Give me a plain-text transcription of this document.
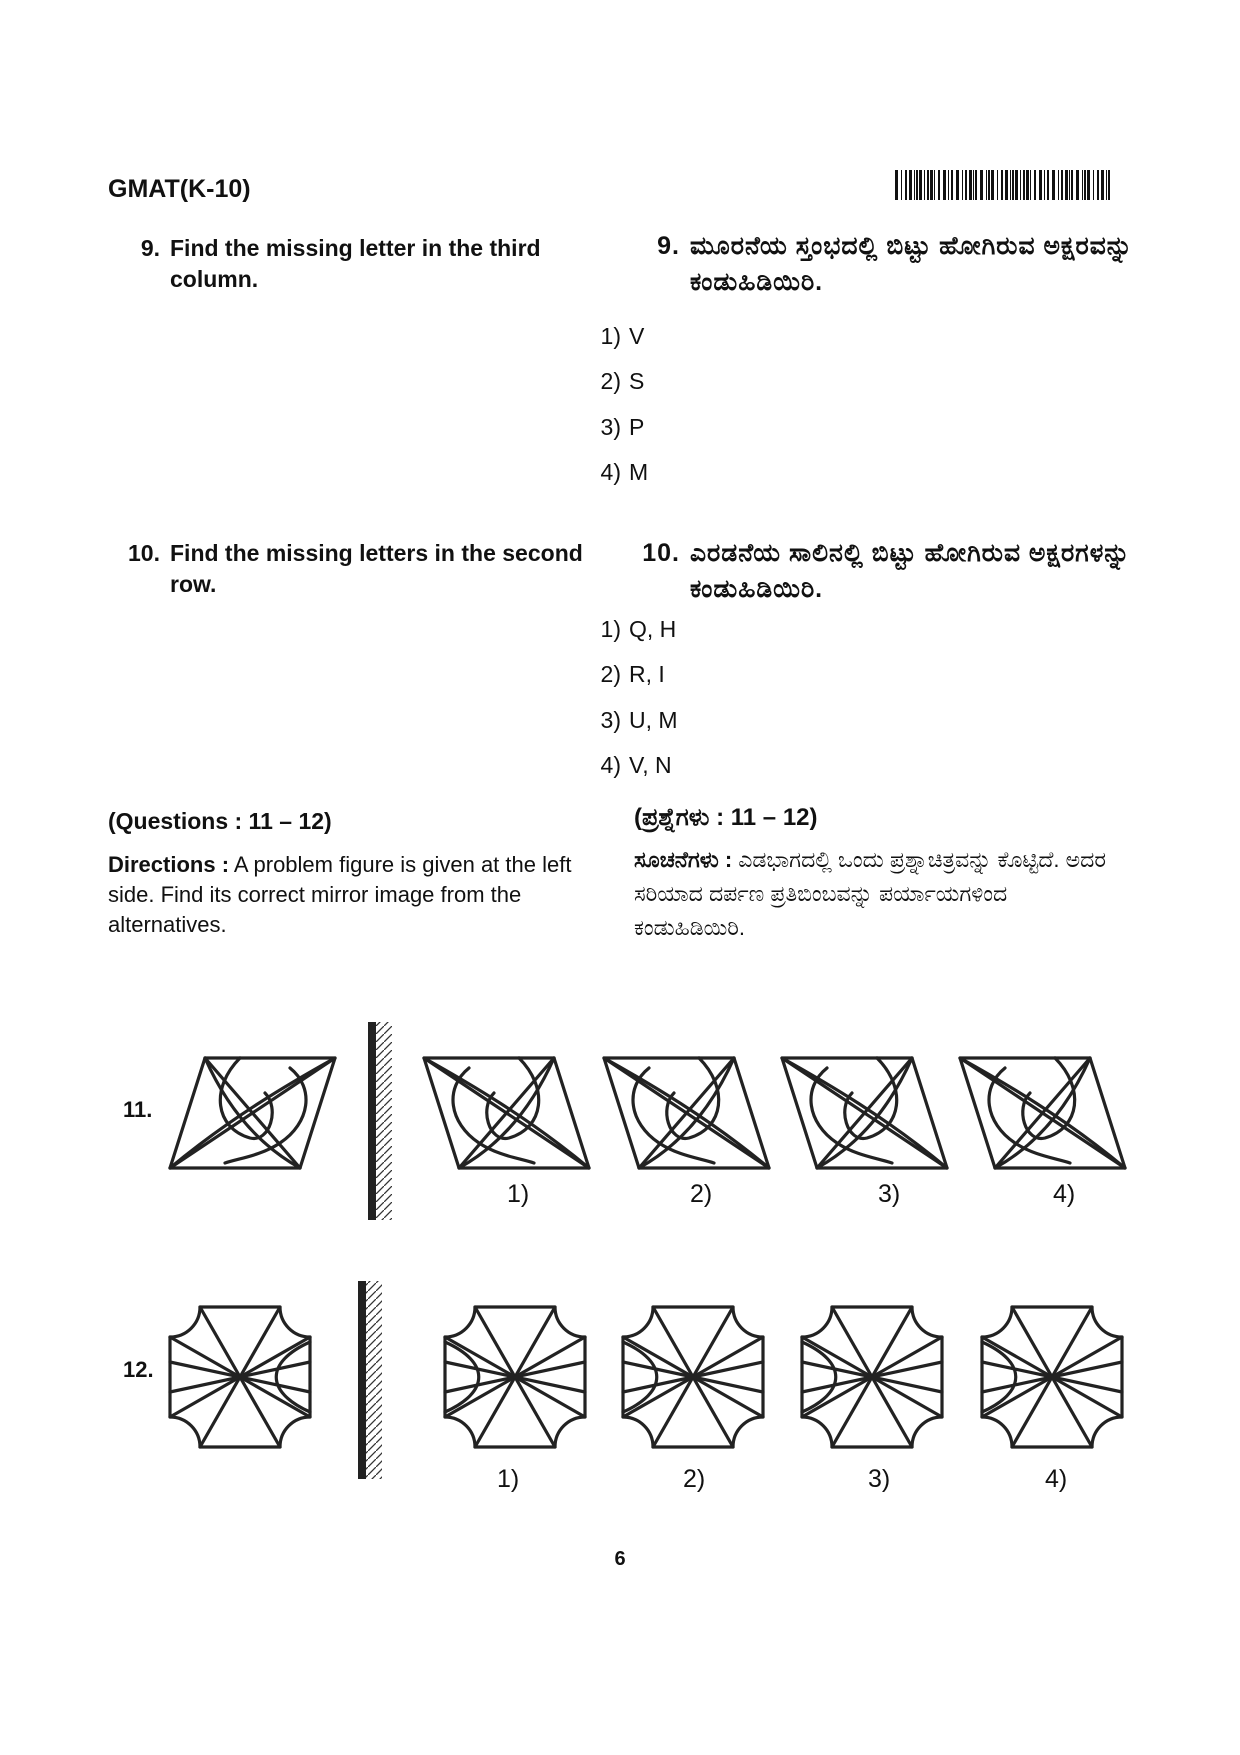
GMAT(K-10)
9. Find the missing letter in the third column.
9. ಮೂರನೆಯ ಸ್ತಂಭದಲ್ಲಿ ಬಿಟ್ಟು ಹೋಗಿರುವ ಅಕ್ಷರವನ್ನು ಕಂಡುಹಿಡಿಯಿರಿ.
1) V
2) S
3) P
4) M
10. Find the missing letters in the second row.
10. ಎರಡನೆಯ ಸಾಲಿನಲ್ಲಿ ಬಿಟ್ಟು ಹೋಗಿರುವ ಅಕ್ಷರಗಳನ್ನು ಕಂಡುಹಿಡಿಯಿರಿ.
1) Q, H
2) R, I
3) U, M
4) V, N
(Questions : 11 – 12)	(ಪ್ರಶ್ನೆಗಳು : 11 – 12)
Directions : A problem figure is given at the left side. Find its correct mirror image from the alternatives.
ಸೂಚನೆಗಳು : ಎಡಭಾಗದಲ್ಲಿ ಒಂದು ಪ್ರಶ್ನಾಚಿತ್ರವನ್ನು ಕೊಟ್ಟಿದೆ. ಅದರ ಸರಿಯಾದ ದರ್ಪಣ ಪ್ರತಿಬಿಂಬವನ್ನು ಪರ್ಯಾಯಗಳಿಂದ ಕಂಡುಹಿಡಿಯಿರಿ.
11.
1)	2)	3)	4)
12.
1)	2)	3)	4)
6
